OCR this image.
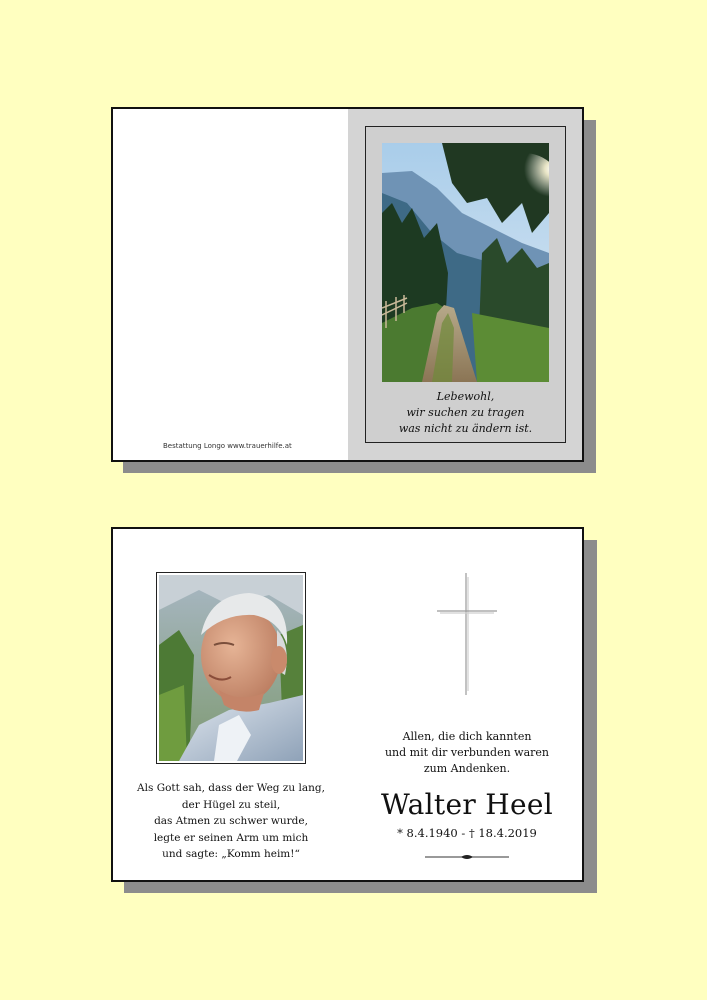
Bestattung Longo www.trauerhilfe.at
Lebewohl,
wir suchen zu tragen
was nicht zu ändern ist.
Als Gott sah, dass der Weg zu lang,
der Hügel zu steil,
das Atmen zu schwer wurde,
legte er seinen Arm um mich
und sagte: „Komm heim!“
Allen, die dich kannten
und mit dir verbunden waren
zum Andenken.
Walter Heel
* 8.4.1940 - † 18.4.2019
